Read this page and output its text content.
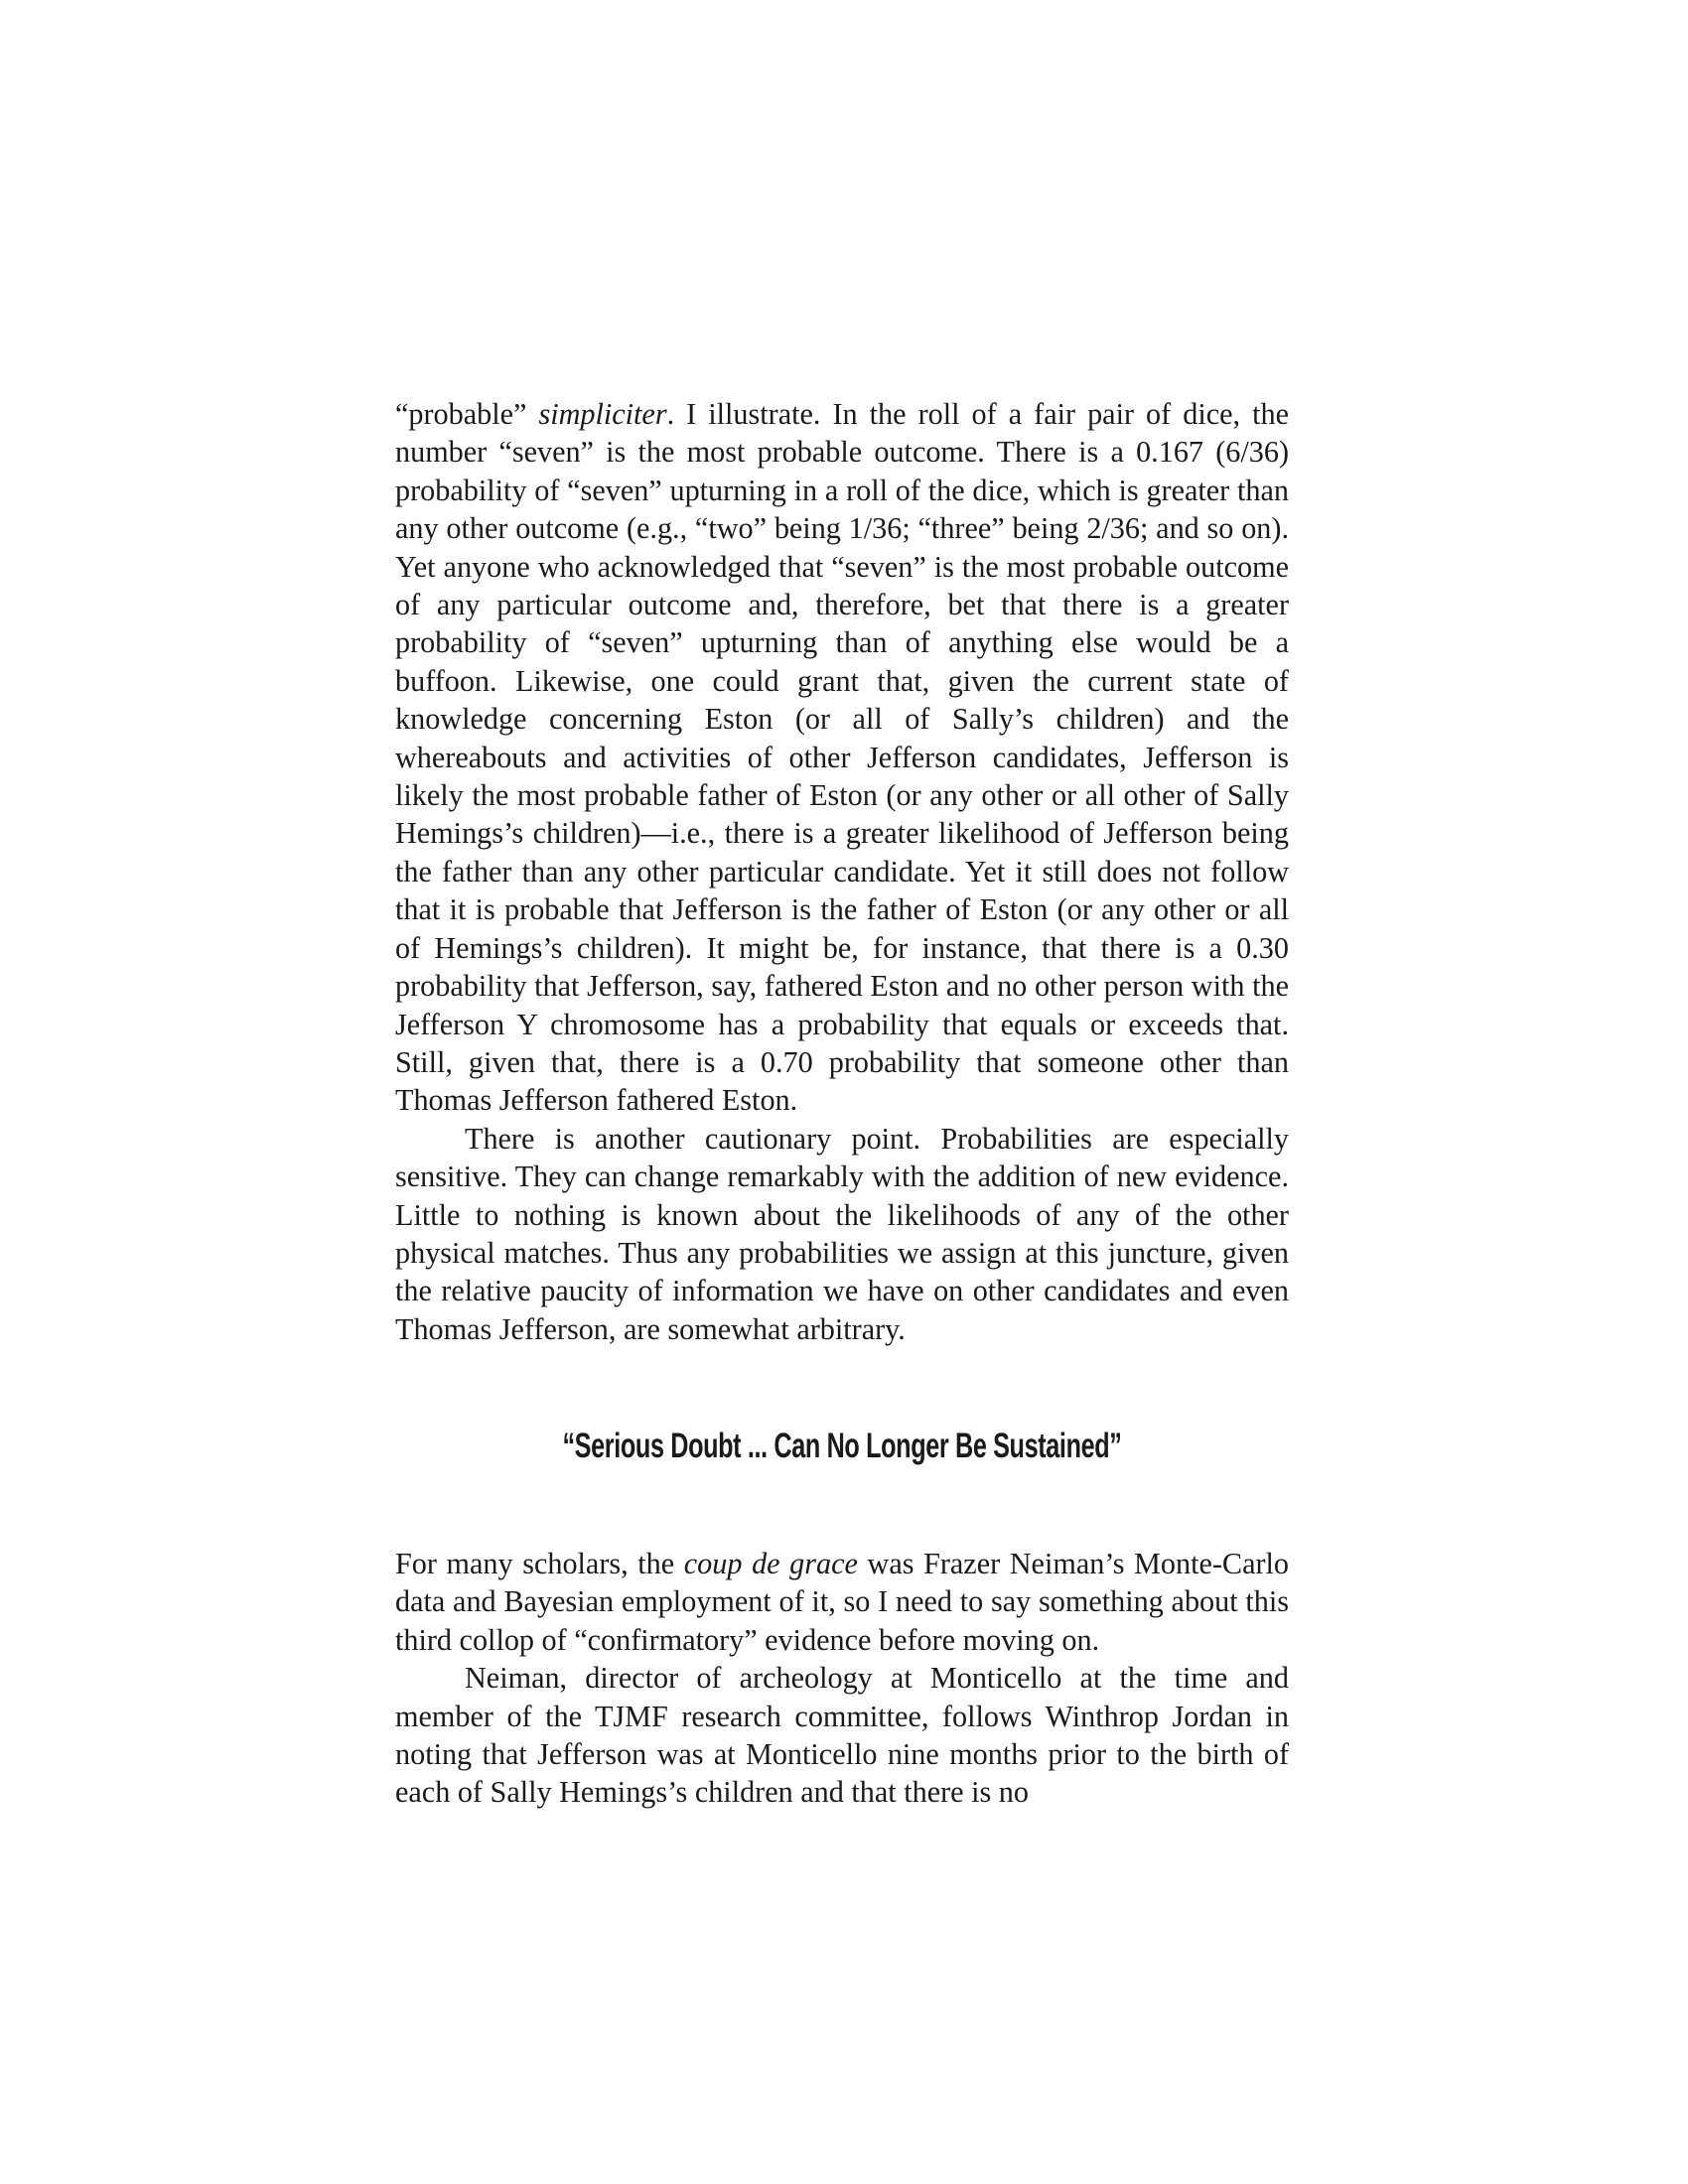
“probable” simpliciter. I illustrate. In the roll of a fair pair of dice, the number “seven” is the most probable outcome. There is a 0.167 (6/36) probability of “seven” upturning in a roll of the dice, which is greater than any other outcome (e.g., “two” being 1/36; “three” being 2/36; and so on). Yet anyone who acknowledged that “seven” is the most probable outcome of any particular outcome and, therefore, bet that there is a greater probability of “seven” upturning than of anything else would be a buffoon. Likewise, one could grant that, given the current state of knowledge concerning Eston (or all of Sally’s children) and the whereabouts and activities of other Jefferson candidates, Jefferson is likely the most probable father of Eston (or any other or all other of Sally Hemings’s children)—i.e., there is a greater likelihood of Jefferson being the father than any other particular candidate. Yet it still does not follow that it is probable that Jefferson is the father of Eston (or any other or all of Hemings’s children). It might be, for instance, that there is a 0.30 probability that Jefferson, say, fathered Eston and no other person with the Jefferson Y chromosome has a probability that equals or exceeds that. Still, given that, there is a 0.70 probability that someone other than Thomas Jefferson fathered Eston.

There is another cautionary point. Probabilities are especially sensitive. They can change remarkably with the addition of new evidence. Little to nothing is known about the likelihoods of any of the other physical matches. Thus any probabilities we assign at this juncture, given the relative paucity of information we have on other candidates and even Thomas Jefferson, are somewhat arbitrary.

“Serious Doubt ... Can No Longer Be Sustained”

For many scholars, the coup de grace was Frazer Neiman’s Monte-Carlo data and Bayesian employment of it, so I need to say something about this third collop of “confirmatory” evidence before moving on.

Neiman, director of archeology at Monticello at the time and member of the TJMF research committee, follows Winthrop Jordan in noting that Jefferson was at Monticello nine months prior to the birth of each of Sally Hemings’s children and that there is no
